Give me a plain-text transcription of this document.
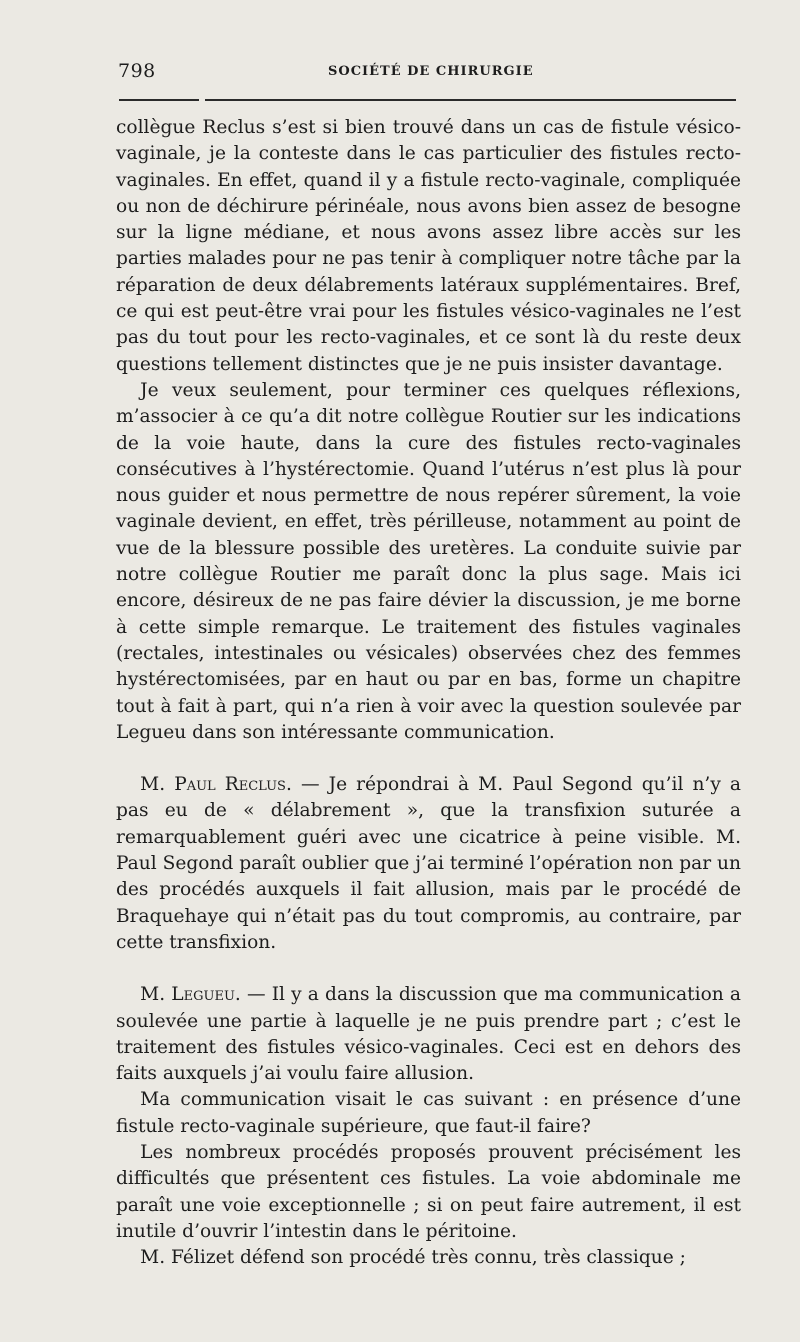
798	SOCIÉTÉ DE CHIRURGIE

collègue Reclus s’est si bien trouvé dans un cas de fistule vésico-vaginale, je la conteste dans le cas particulier des fistules recto-vaginales. En effet, quand il y a fistule recto-vaginale, compliquée ou non de déchirure périnéale, nous avons bien assez de besogne sur la ligne médiane, et nous avons assez libre accès sur les parties malades pour ne pas tenir à compliquer notre tâche par la réparation de deux délabrements latéraux supplémentaires. Bref, ce qui est peut-être vrai pour les fistules vésico-vaginales ne l’est pas du tout pour les recto-vaginales, et ce sont là du reste deux questions tellement distinctes que je ne puis insister davantage.

Je veux seulement, pour terminer ces quelques réflexions, m’associer à ce qu’a dit notre collègue Routier sur les indications de la voie haute, dans la cure des fistules recto-vaginales consécutives à l’hystérectomie. Quand l’utérus n’est plus là pour nous guider et nous permettre de nous repérer sûrement, la voie vaginale devient, en effet, très périlleuse, notamment au point de vue de la blessure possible des uretères. La conduite suivie par notre collègue Routier me paraît donc la plus sage. Mais ici encore, désireux de ne pas faire dévier la discussion, je me borne à cette simple remarque. Le traitement des fistules vaginales (rectales, intestinales ou vésicales) observées chez des femmes hystérectomisées, par en haut ou par en bas, forme un chapitre tout à fait à part, qui n’a rien à voir avec la question soulevée par Legueu dans son intéressante communication.

M. Paul Reclus. — Je répondrai à M. Paul Segond qu’il n’y a pas eu de « délabrement », que la transfixion suturée a remarquablement guéri avec une cicatrice à peine visible. M. Paul Segond paraît oublier que j’ai terminé l’opération non par un des procédés auxquels il fait allusion, mais par le procédé de Braquehaye qui n’était pas du tout compromis, au contraire, par cette transfixion.

M. Legueu. — Il y a dans la discussion que ma communication a soulevée une partie à laquelle je ne puis prendre part ; c’est le traitement des fistules vésico-vaginales. Ceci est en dehors des faits auxquels j’ai voulu faire allusion.

Ma communication visait le cas suivant : en présence d’une fistule recto-vaginale supérieure, que faut-il faire?

Les nombreux procédés proposés prouvent précisément les difficultés que présentent ces fistules. La voie abdominale me paraît une voie exceptionnelle ; si on peut faire autrement, il est inutile d’ouvrir l’intestin dans le péritoine.

M. Félizet défend son procédé très connu, très classique ;
